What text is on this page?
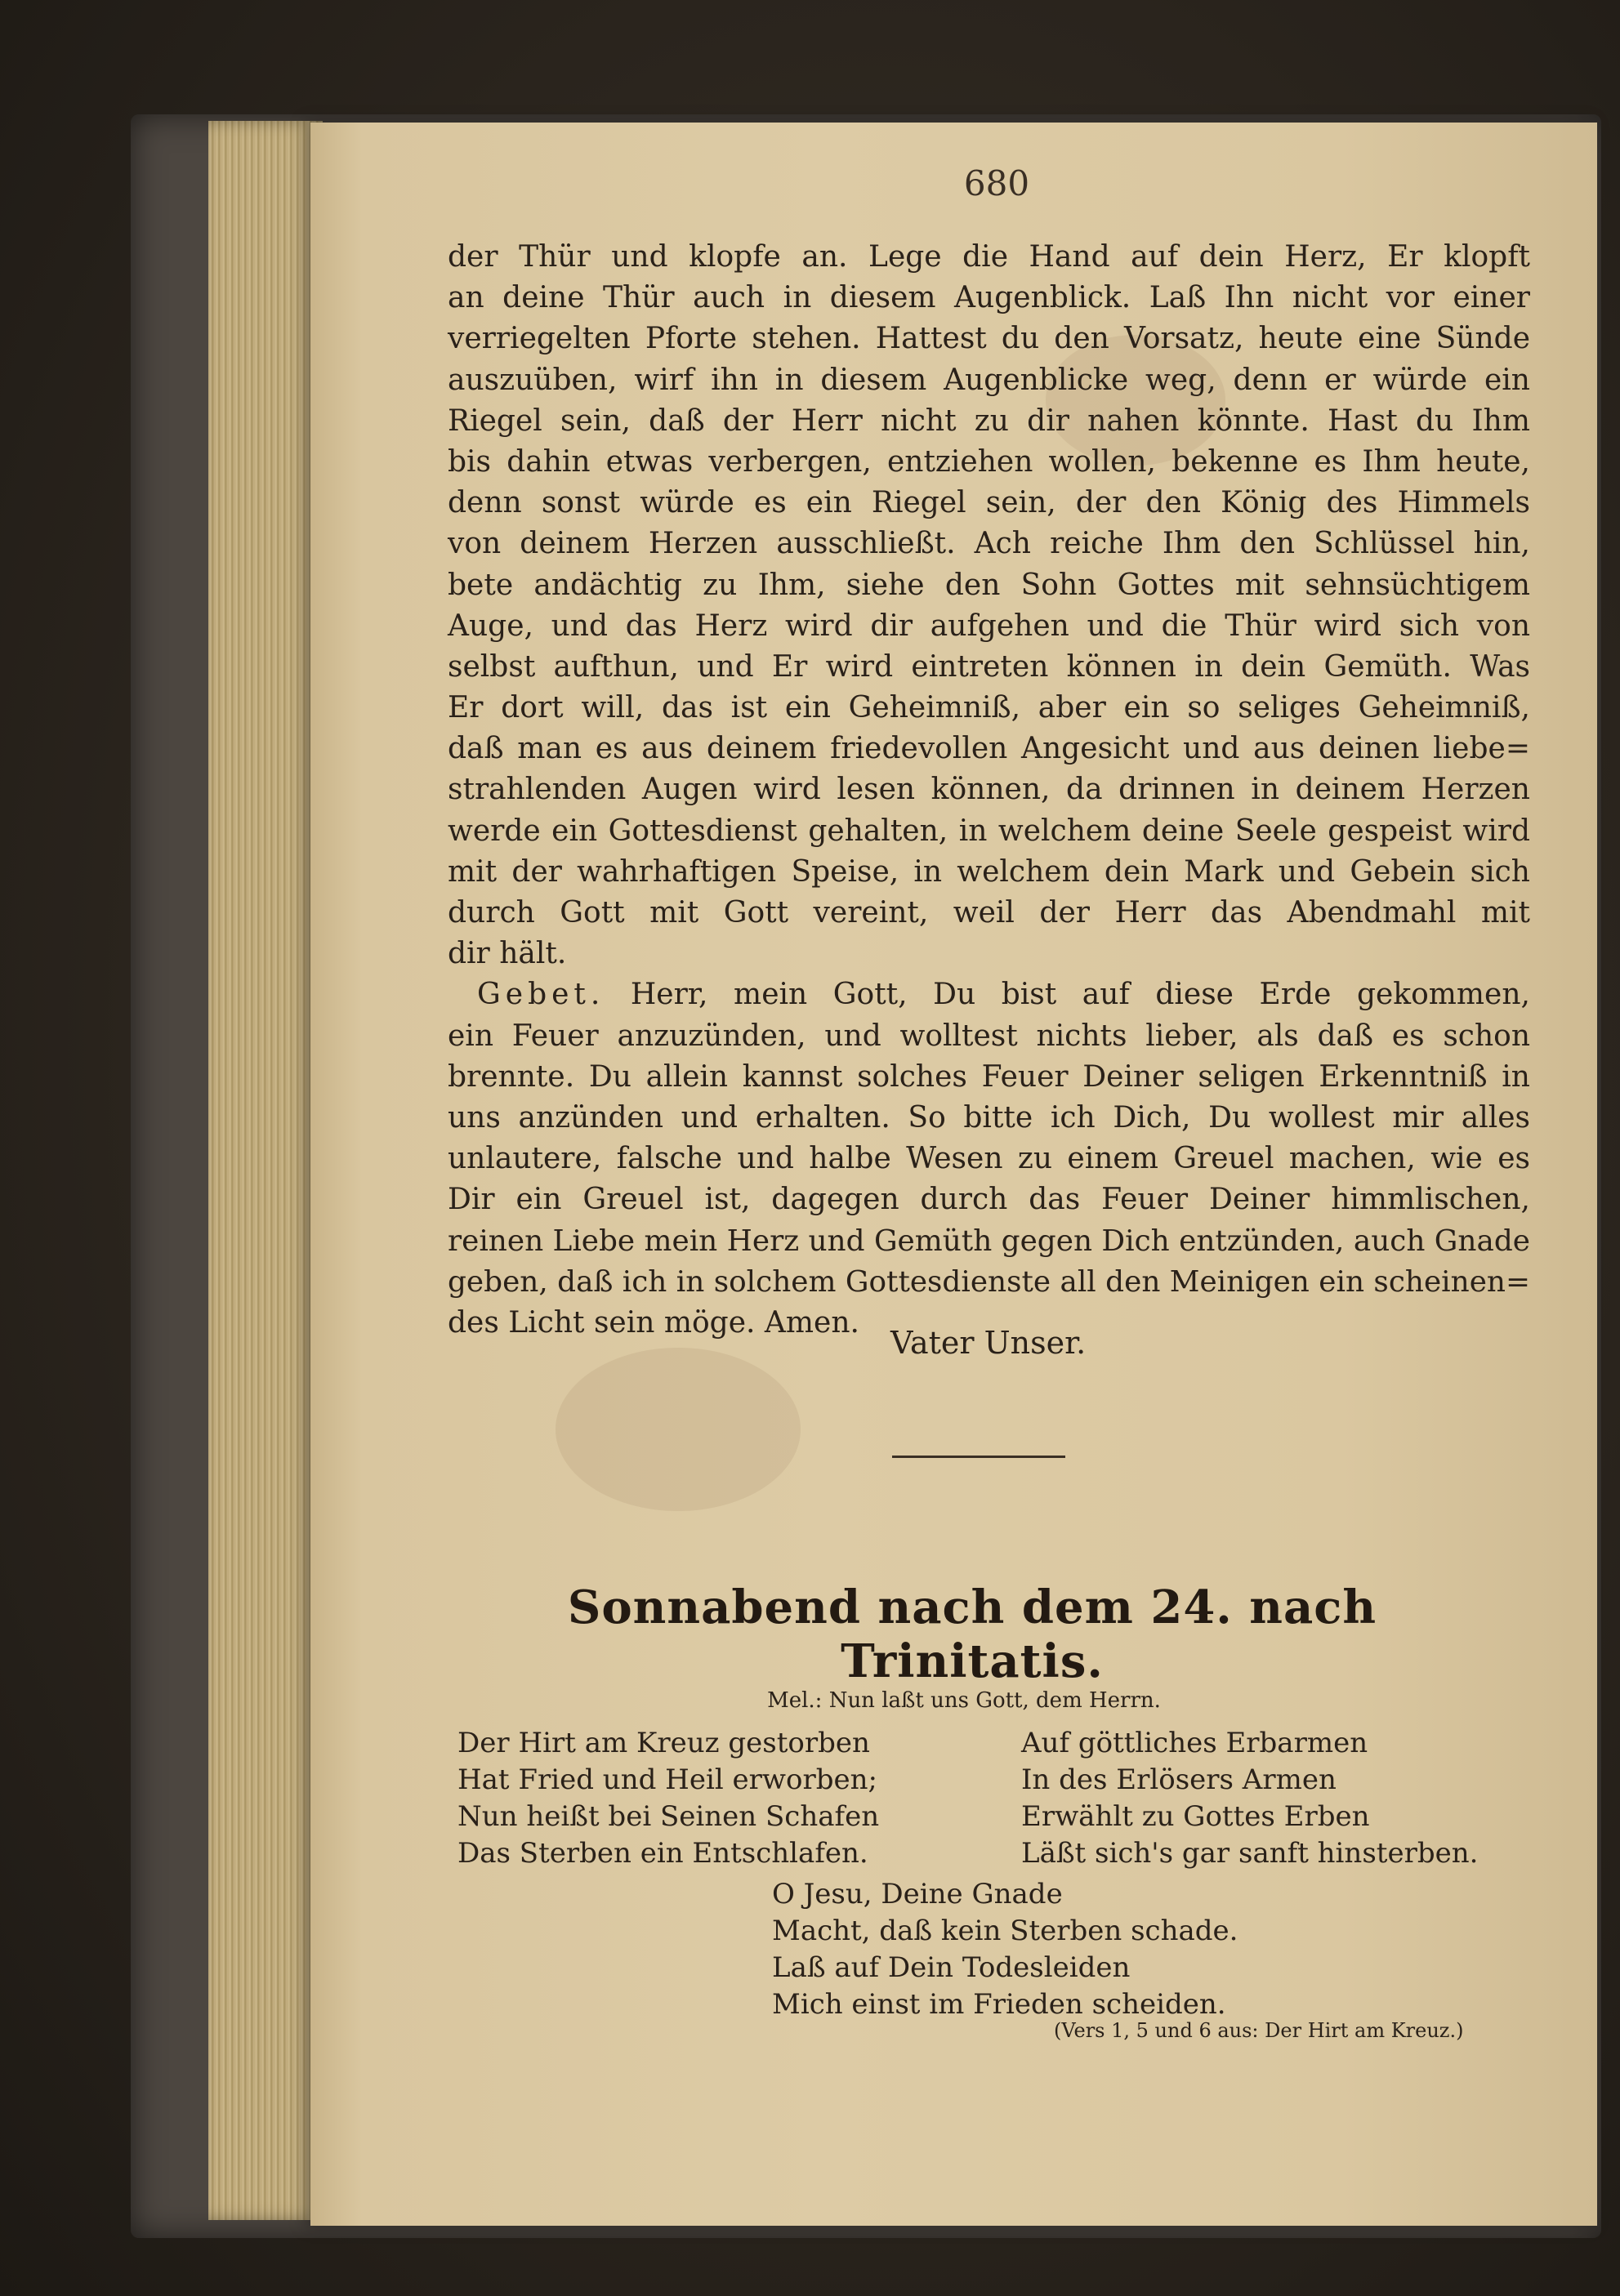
680
der Thür und klopfe an. Lege die Hand auf dein Herz, Er klopft
an deine Thür auch in diesem Augenblick. Laß Ihn nicht vor einer
verriegelten Pforte stehen. Hattest du den Vorsatz, heute eine Sünde
auszuüben, wirf ihn in diesem Augenblicke weg, denn er würde ein
Riegel sein, daß der Herr nicht zu dir nahen könnte. Hast du Ihm
bis dahin etwas verbergen, entziehen wollen, bekenne es Ihm heute,
denn sonst würde es ein Riegel sein, der den König des Himmels
von deinem Herzen ausschließt. Ach reiche Ihm den Schlüssel hin,
bete andächtig zu Ihm, siehe den Sohn Gottes mit sehnsüchtigem
Auge, und das Herz wird dir aufgehen und die Thür wird sich von
selbst aufthun, und Er wird eintreten können in dein Gemüth. Was
Er dort will, das ist ein Geheimniß, aber ein so seliges Geheimniß,
daß man es aus deinem friedevollen Angesicht und aus deinen liebe=
strahlenden Augen wird lesen können, da drinnen in deinem Herzen
werde ein Gottesdienst gehalten, in welchem deine Seele gespeist wird
mit der wahrhaftigen Speise, in welchem dein Mark und Gebein sich
durch Gott mit Gott vereint, weil der Herr das Abendmahl mit
dir hält.
 Gebet. Herr, mein Gott, Du bist auf diese Erde gekommen,
ein Feuer anzuzünden, und wolltest nichts lieber, als daß es schon
brennte. Du allein kannst solches Feuer Deiner seligen Erkenntniß in
uns anzünden und erhalten. So bitte ich Dich, Du wollest mir alles
unlautere, falsche und halbe Wesen zu einem Greuel machen, wie es
Dir ein Greuel ist, dagegen durch das Feuer Deiner himmlischen,
reinen Liebe mein Herz und Gemüth gegen Dich entzünden, auch Gnade
geben, daß ich in solchem Gottesdienste all den Meinigen ein scheinen=
des Licht sein möge. Amen.
Vater Unser.
Sonnabend nach dem 24. nach Trinitatis.
Mel.: Nun laßt uns Gott, dem Herrn.
Der Hirt am Kreuz gestorben
Hat Fried und Heil erworben;
Nun heißt bei Seinen Schafen
Das Sterben ein Entschlafen.
Auf göttliches Erbarmen
In des Erlösers Armen
Erwählt zu Gottes Erben
Läßt sich's gar sanft hinsterben.
O Jesu, Deine Gnade
Macht, daß kein Sterben schade.
Laß auf Dein Todesleiden
Mich einst im Frieden scheiden.
(Vers 1, 5 und 6 aus: Der Hirt am Kreuz.)
